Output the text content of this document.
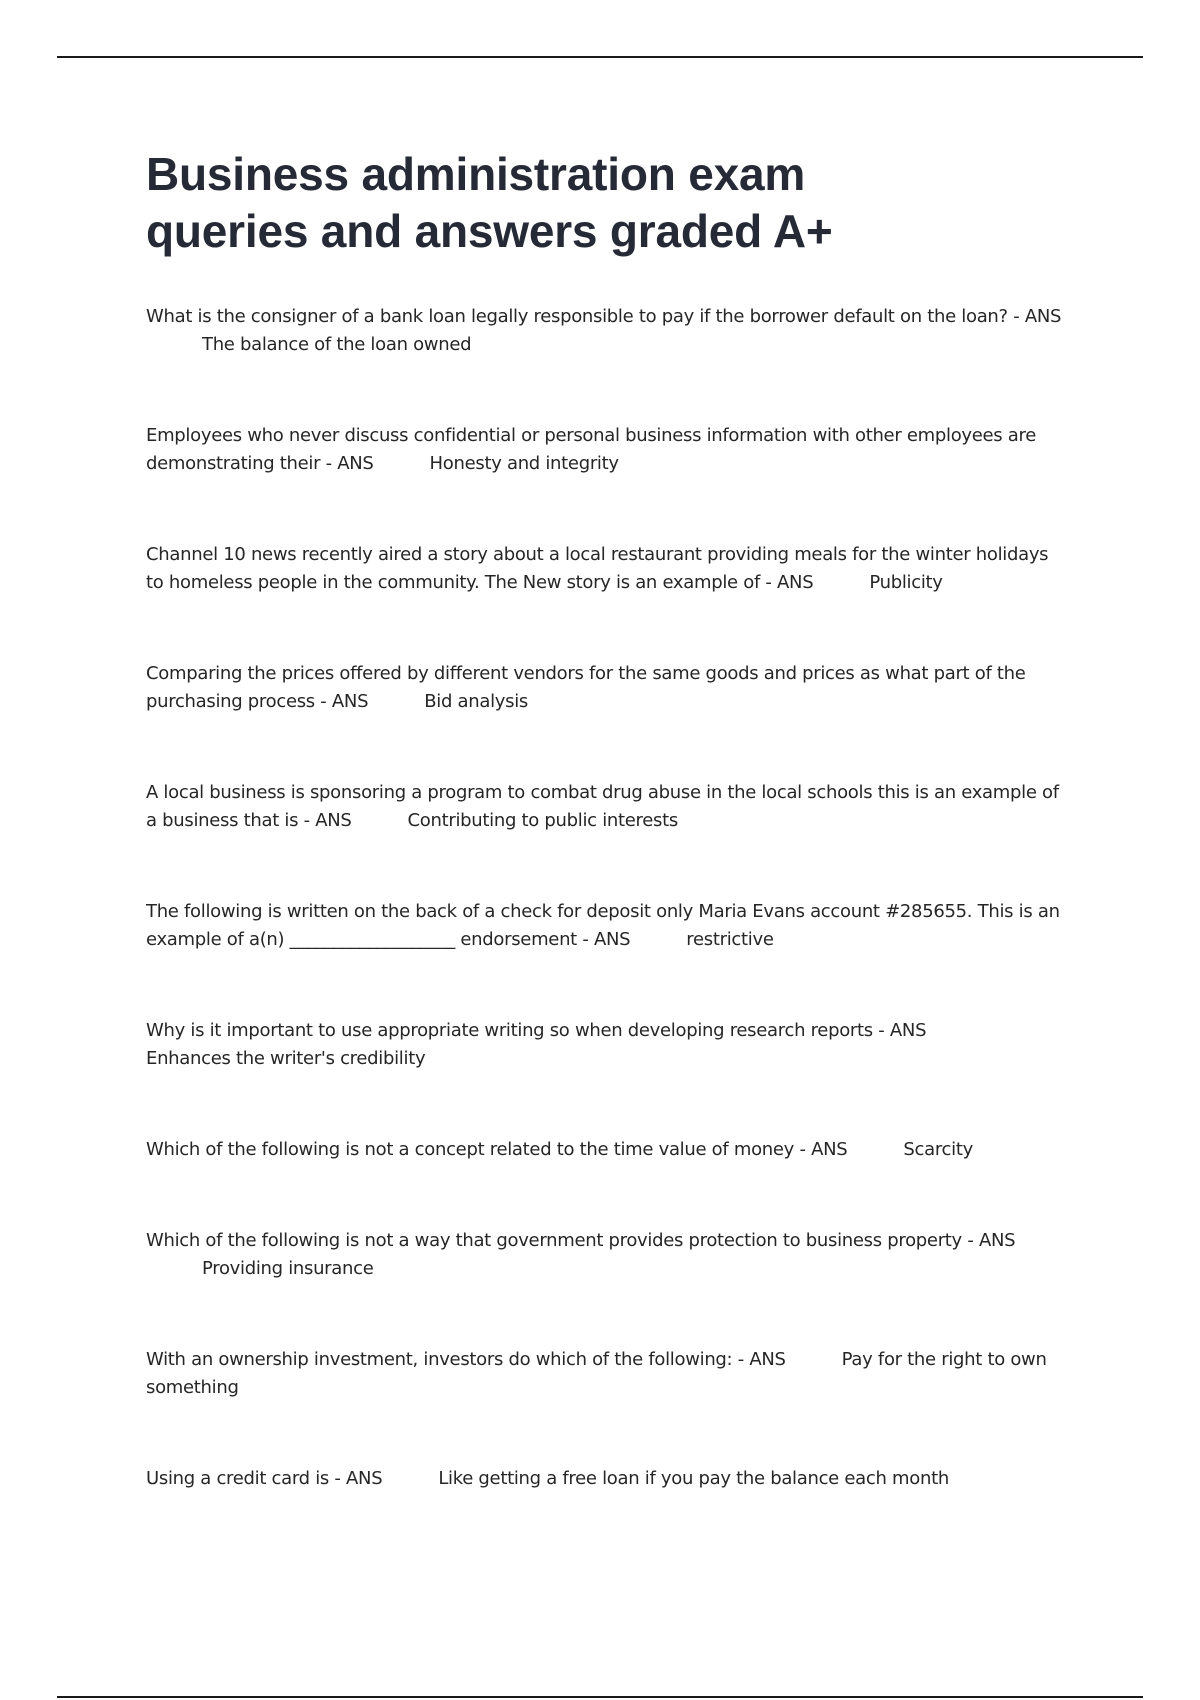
Business administration exam
queries and answers graded A+
What is the consigner of a bank loan legally responsible to pay if the borrower default on the loan? - ANSThe balance of the loan owned
Employees who never discuss confidential or personal business information with other employees are demonstrating their - ANS	Honesty and integrity
Channel 10 news recently aired a story about a local restaurant providing meals for the winter holidays to homeless people in the community. The New story is an example of - ANS	Publicity
Comparing the prices offered by different vendors for the same goods and prices as what part of the purchasing process - ANS	Bid analysis
A local business is sponsoring a program to combat drug abuse in the local schools this is an example of a business that is - ANS	Contributing to public interests
The following is written on the back of a check for deposit only Maria Evans account #285655. This is an example of a(n) ___________________ endorsement - ANS	restrictive
Why is it important to use appropriate writing so when developing research reports - ANSEnhances the writer's credibility
Which of the following is not a concept related to the time value of money - ANS	Scarcity
Which of the following is not a way that government provides protection to business property - ANSProviding insurance
With an ownership investment, investors do which of the following: - ANS	Pay for the right to own something
Using a credit card is - ANS	Like getting a free loan if you pay the balance each month
